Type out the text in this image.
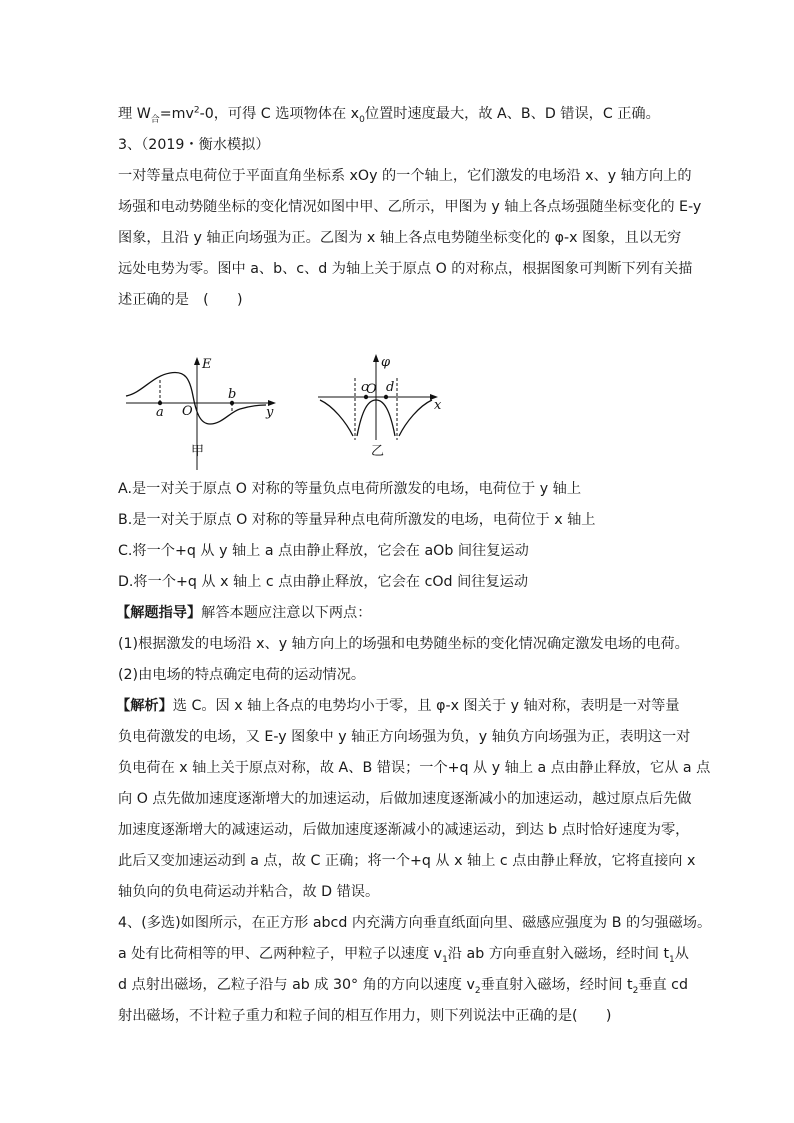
理 $W_合=mv^2-0$，可得 C 选项物体在 $x_0$位置时速度最大，故 A、B、D 错误，C 正确。
3、（2019・衡水模拟）
一对等量点电荷位于平面直角坐标系 xOy 的一个轴上，它们激发的电场沿 x、y 轴方向上的
场强和电动势随坐标的变化情况如图中甲、乙所示，甲图为 y 轴上各点场强随坐标变化的 E-y
图象，且沿 y 轴正向场强为正。乙图为 x 轴上各点电势随坐标变化的 φ-x 图象，且以无穷
远处电势为零。图中 a、b、c、d 为轴上关于原点 O 的对称点，根据图象可判断下列有关描
述正确的是　(　　)
E
y
O
a
b
甲
φ
x
O
c d
乙
A.是一对关于原点 O 对称的等量负点电荷所激发的电场，电荷位于 y 轴上
B.是一对关于原点 O 对称的等量异种点电荷所激发的电场，电荷位于 x 轴上
C.将一个+q 从 y 轴上 a 点由静止释放，它会在 aOb 间往复运动
D.将一个+q 从 x 轴上 c 点由静止释放，它会在 cOd 间往复运动
【解题指导】解答本题应注意以下两点：
(1)根据激发的电场沿 x、y 轴方向上的场强和电势随坐标的变化情况确定激发电场的电荷。
(2)由电场的特点确定电荷的运动情况。
【解析】选 C。因 x 轴上各点的电势均小于零，且 φ-x 图关于 y 轴对称，表明是一对等量
负电荷激发的电场，又 E-y 图象中 y 轴正方向场强为负，y 轴负方向场强为正，表明这一对
负电荷在 x 轴上关于原点对称，故 A、B 错误；一个+q 从 y 轴上 a 点由静止释放，它从 a 点
向 O 点先做加速度逐渐增大的加速运动，后做加速度逐渐减小的加速运动，越过原点后先做
加速度逐渐增大的减速运动，后做加速度逐渐减小的减速运动，到达 b 点时恰好速度为零，
此后又变加速运动到 a 点，故 C 正确；将一个+q 从 x 轴上 c 点由静止释放，它将直接向 x
轴负向的负电荷运动并粘合，故 D 错误。
4、(多选)如图所示，在正方形 abcd 内充满方向垂直纸面向里、磁感应强度为 B 的匀强磁场。
a 处有比荷相等的甲、乙两种粒子，甲粒子以速度 $v_1$沿 ab 方向垂直射入磁场，经时间 $t_1$从
d 点射出磁场，乙粒子沿与 ab 成 30° 角的方向以速度 $v_2$垂直射入磁场，经时间 $t_2$垂直 cd
射出磁场，不计粒子重力和粒子间的相互作用力，则下列说法中正确的是(　　)
